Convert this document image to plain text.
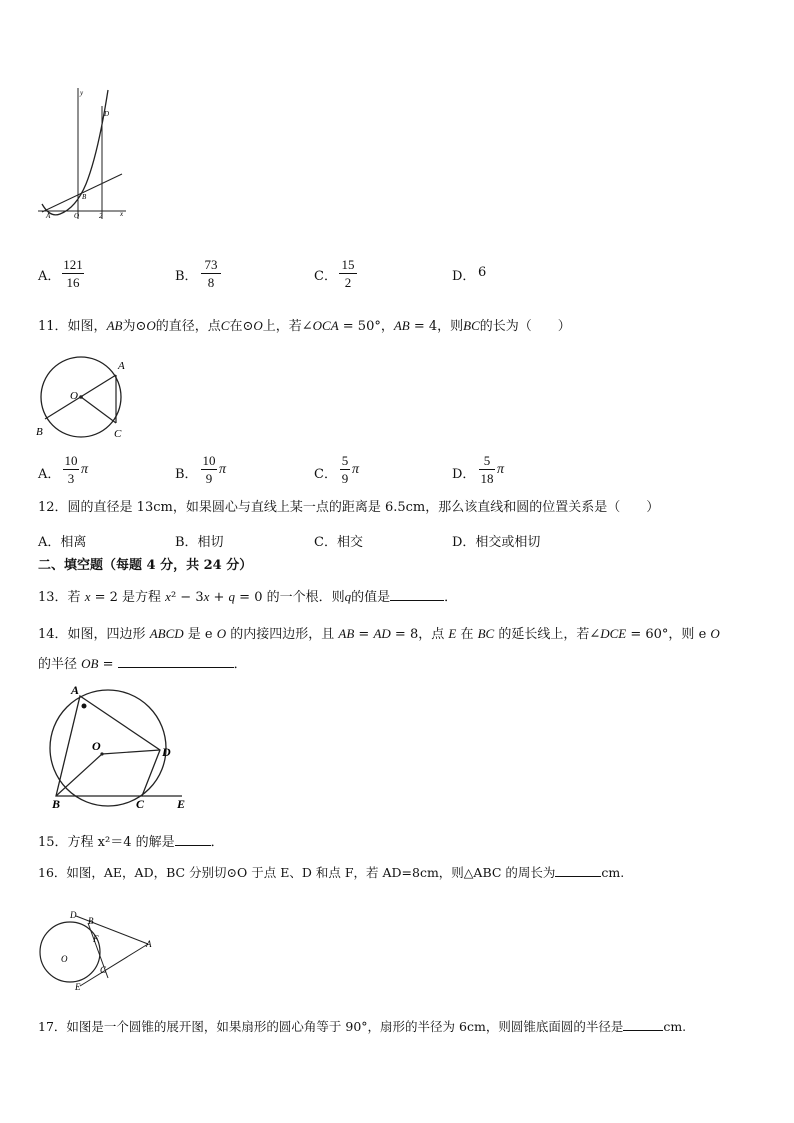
y
D
B
A	O	2	x
A．
121
16	B．
73
8	C．
15
2	D． 6
11．如图，AB为⊙O的直径，点C在⊙O上，若∠OCA = 50°，AB = 4，则BC的长为（　　）
A
O
B	C
A．
10
3
π	B．
10
9
π	C．
5
9
π	D．
5
18
π
12．圆的直径是 13cm，如果圆心与直线上某一点的距离是 6.5cm，那么该直线和圆的位置关系是（　　）
A．相离	B．相切	C．相交	D．相交或相切
二、填空题（每题 4 分，共 24 分）
13．若 x = 2 是方程 x² − 3x + q = 0 的一个根．则q的值是	．
14．如图，四边形 ABCD 是 e O 的内接四边形，且 AB = AD = 8，点 E 在 BC 的延长线上，若∠DCE = 60°，则 e O
的半径 OB =	．
A
O	D
B	C	E
15．方程 x²＝4 的解是	．
16．如图，AE，AD，BC 分别切⊙O 于点 E、D 和点 F，若 AD=8cm，则△ABC 的周长为	cm.
D
B
F	A
O
C
E
17．如图是一个圆锥的展开图，如果扇形的圆心角等于 90°，扇形的半径为 6cm，则圆锥底面圆的半径是	cm.
